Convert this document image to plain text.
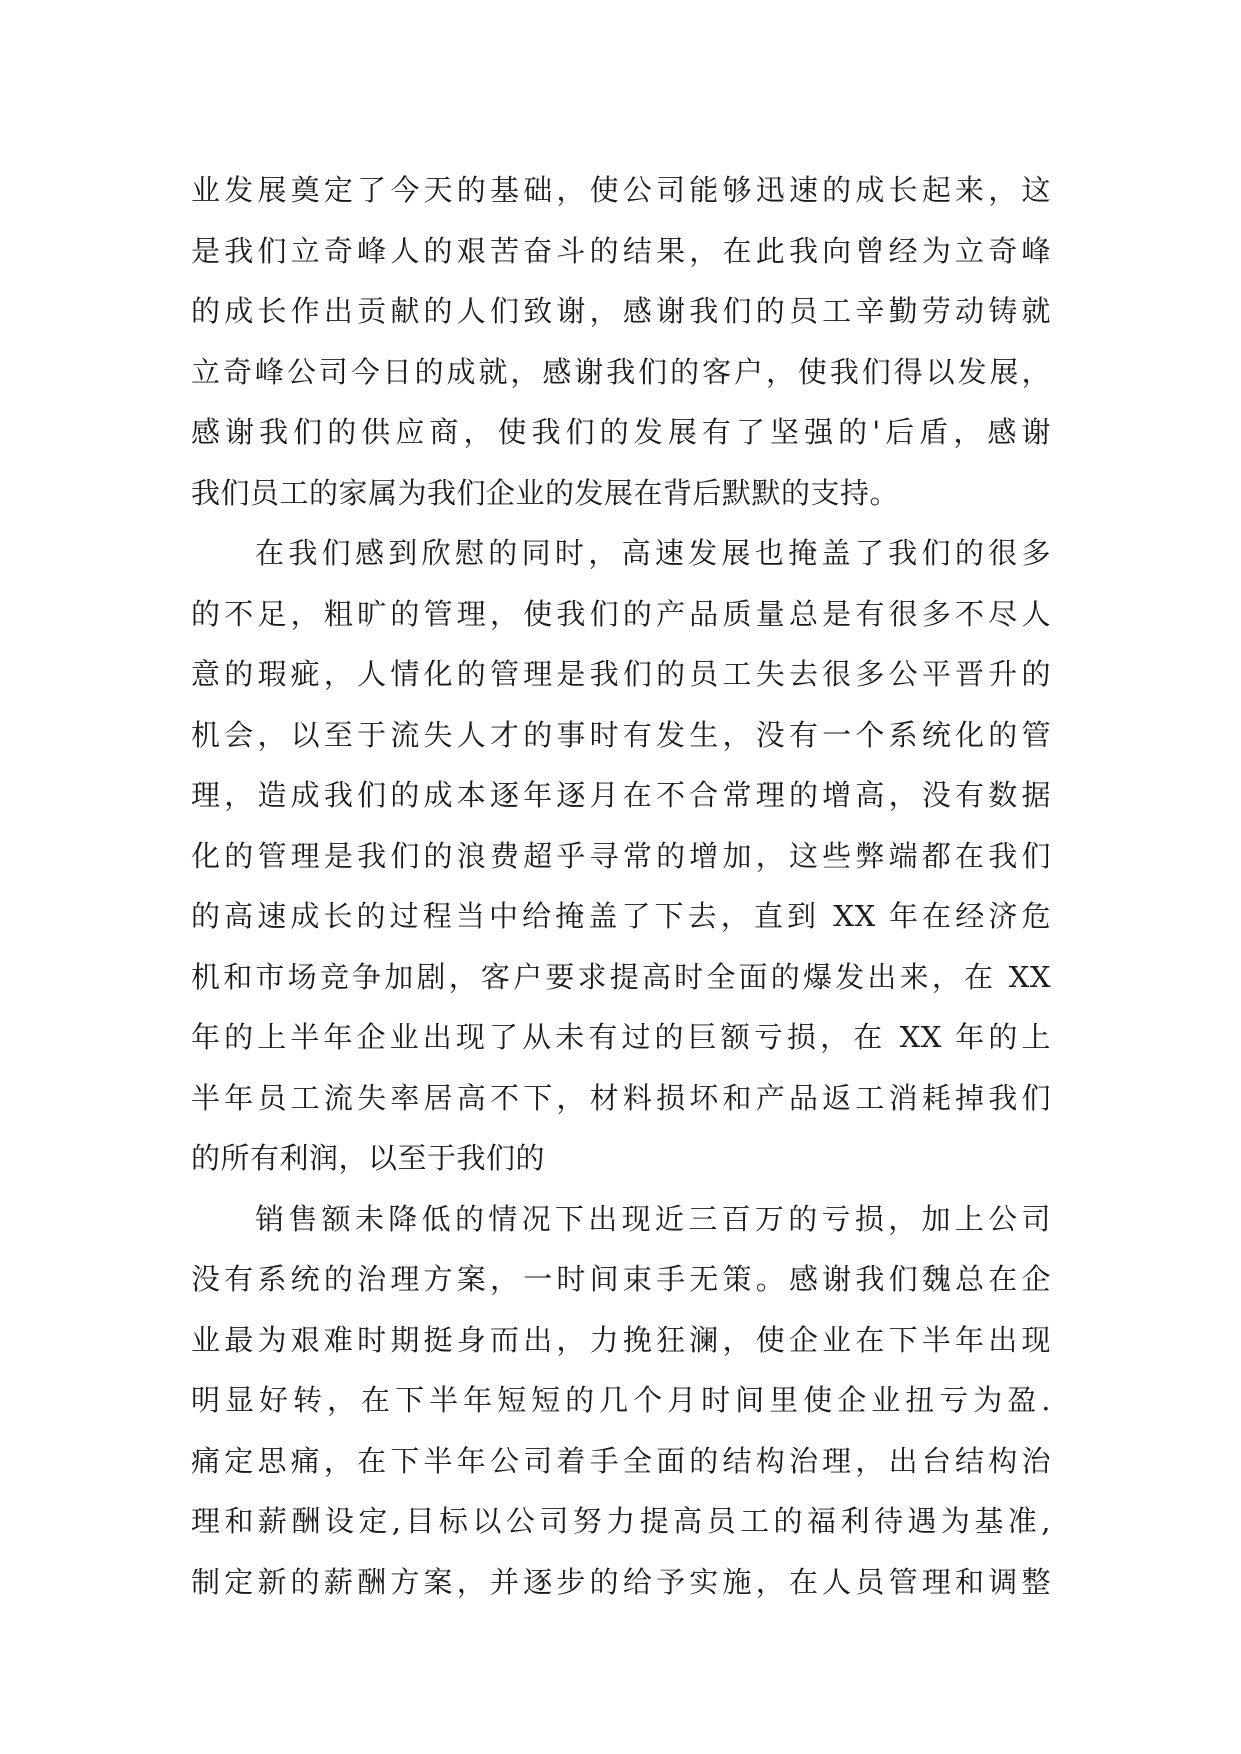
业发展奠定了今天的基础，使公司能够迅速的成长起来，这
是我们立奇峰人的艰苦奋斗的结果，在此我向曾经为立奇峰
的成长作出贡献的人们致谢，感谢我们的员工辛勤劳动铸就
立奇峰公司今日的成就，感谢我们的客户，使我们得以发展，
感谢我们的供应商，使我们的发展有了坚强的'后盾，感谢
我们员工的家属为我们企业的发展在背后默默的支持。
在我们感到欣慰的同时，高速发展也掩盖了我们的很多
的不足，粗旷的管理，使我们的产品质量总是有很多不尽人
意的瑕疵，人情化的管理是我们的员工失去很多公平晋升的
机会，以至于流失人才的事时有发生，没有一个系统化的管
理，造成我们的成本逐年逐月在不合常理的增高，没有数据
化的管理是我们的浪费超乎寻常的增加，这些弊端都在我们
的高速成长的过程当中给掩盖了下去，直到 XX 年在经济危
机和市场竞争加剧，客户要求提高时全面的爆发出来，在 XX
年的上半年企业出现了从未有过的巨额亏损，在 XX 年的上
半年员工流失率居高不下，材料损坏和产品返工消耗掉我们
的所有利润，以至于我们的
销售额未降低的情况下出现近三百万的亏损，加上公司
没有系统的治理方案，一时间束手无策。感谢我们魏总在企
业最为艰难时期挺身而出，力挽狂澜，使企业在下半年出现
明显好转，在下半年短短的几个月时间里使企业扭亏为盈.
痛定思痛，在下半年公司着手全面的结构治理，出台结构治
理和薪酬设定,目标以公司努力提高员工的福利待遇为基准,
制定新的薪酬方案，并逐步的给予实施，在人员管理和调整
